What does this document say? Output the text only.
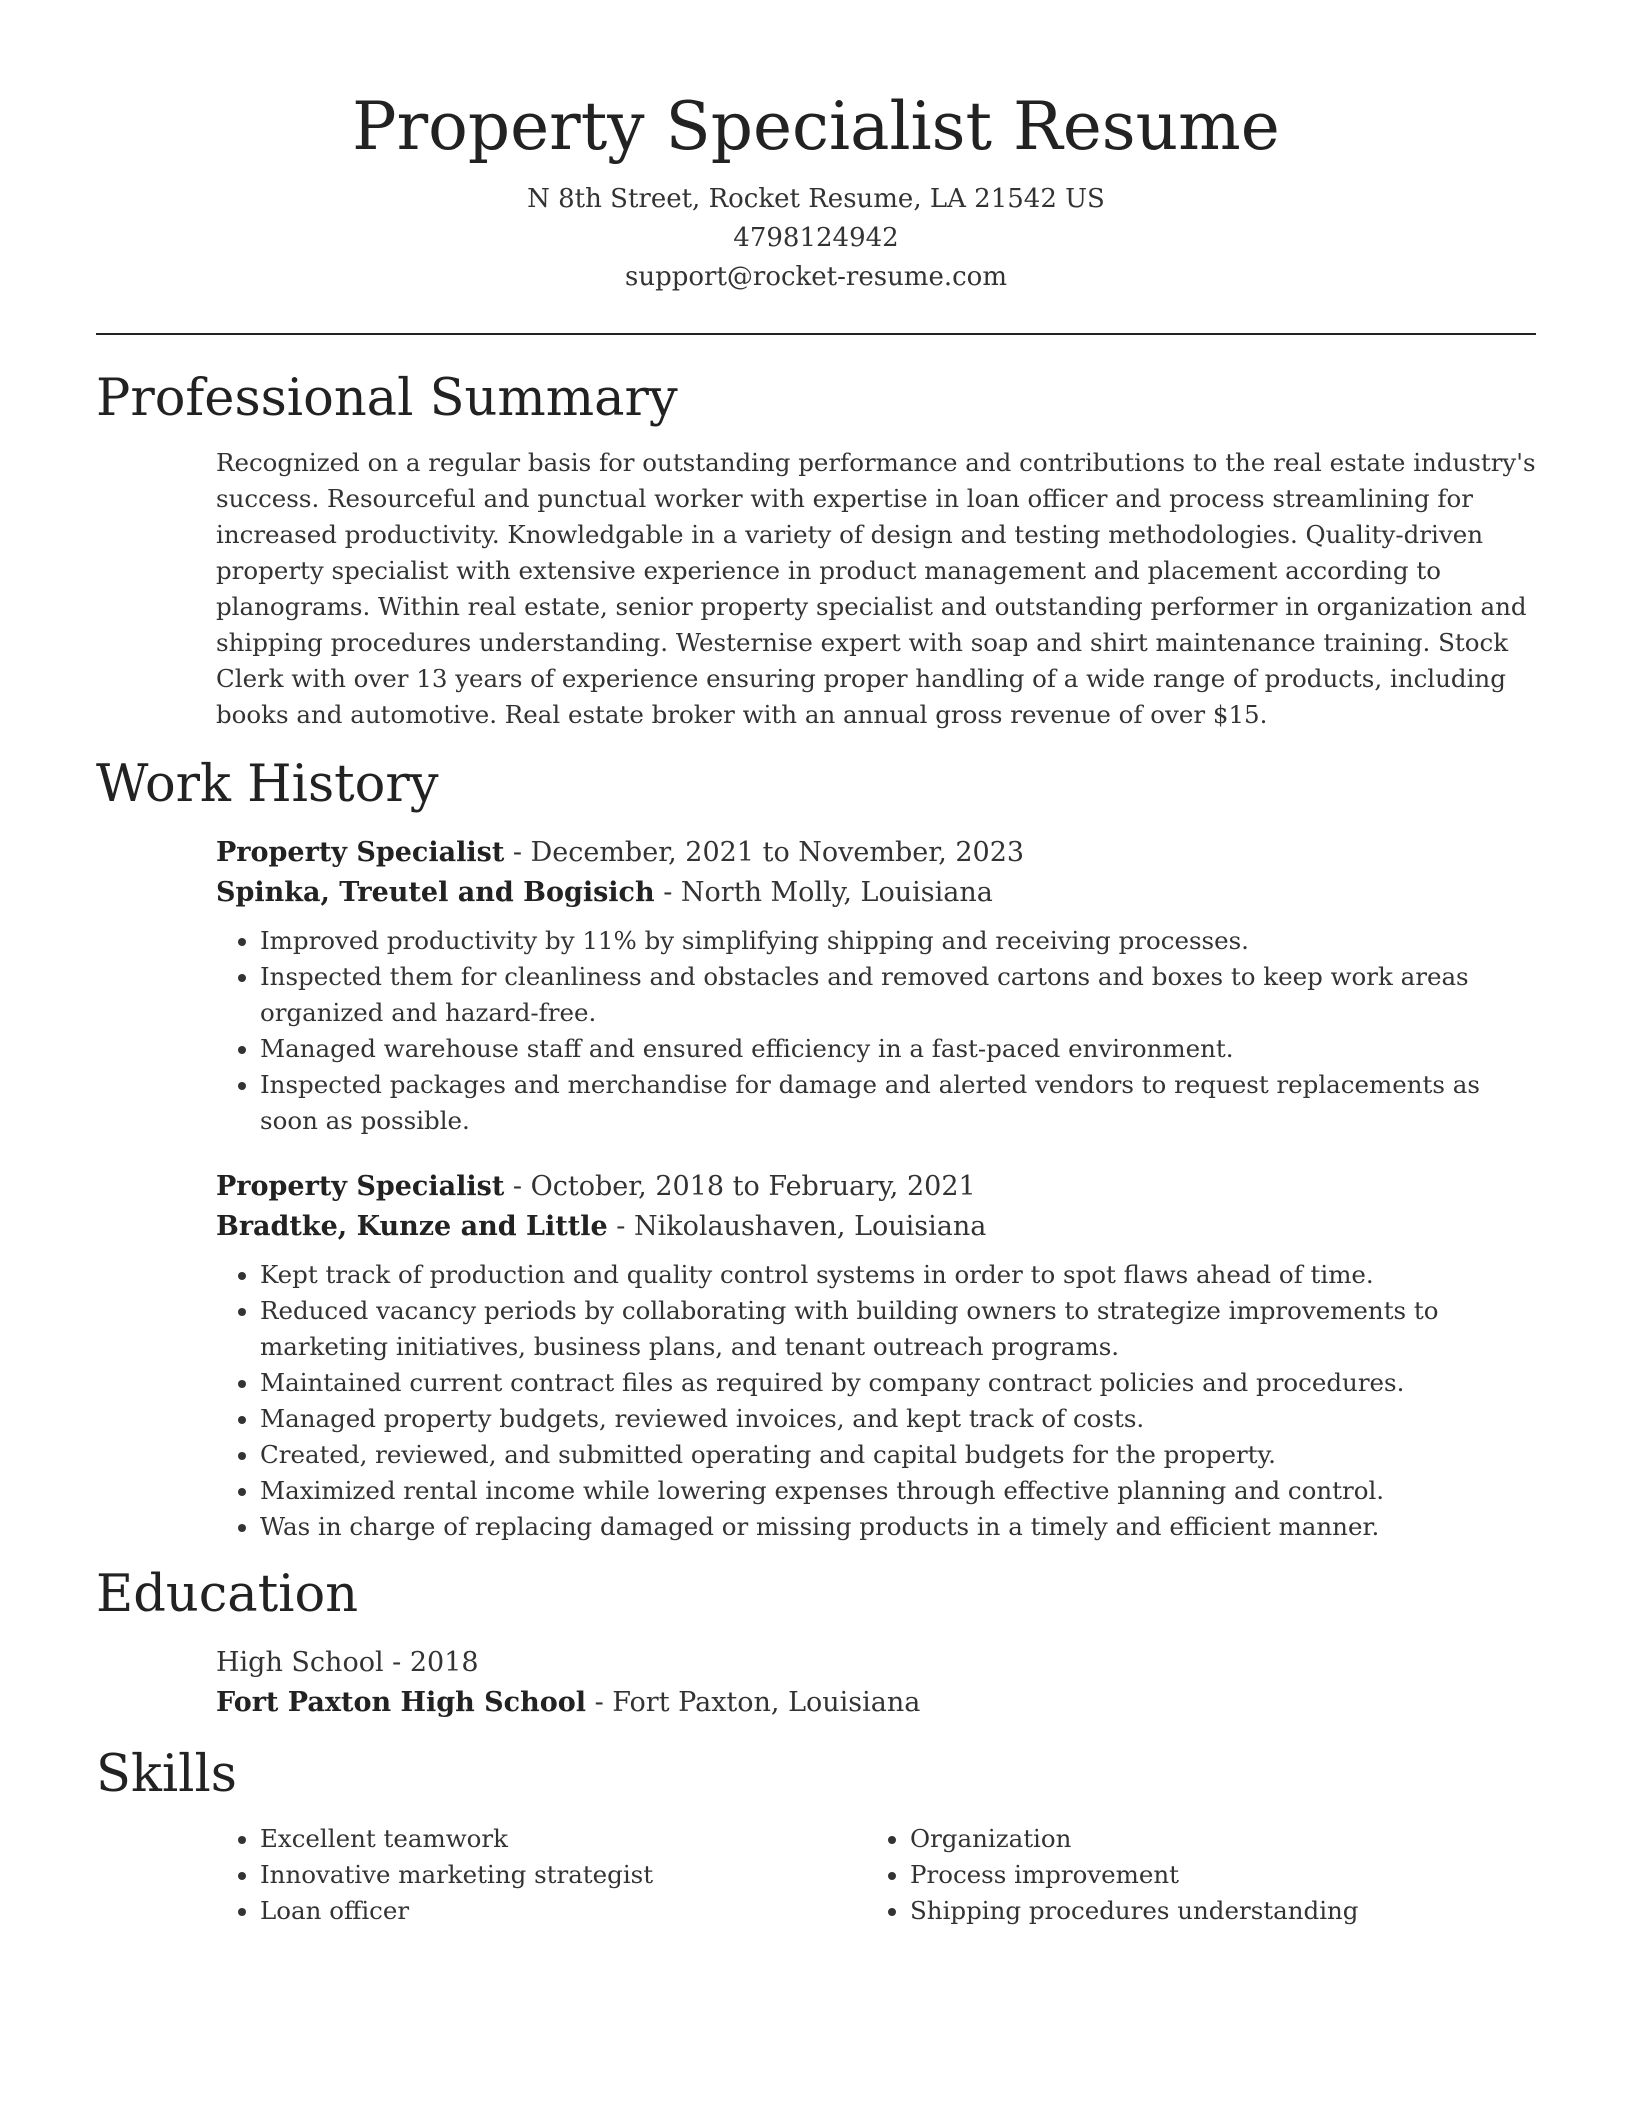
Property Specialist Resume
N 8th Street, Rocket Resume, LA 21542 US
4798124942
support@rocket-resume.com
Professional Summary
Recognized on a regular basis for outstanding performance and contributions to the real estate industry's success. Resourceful and punctual worker with expertise in loan officer and process streamlining for increased productivity. Knowledgable in a variety of design and testing methodologies. Quality-driven property specialist with extensive experience in product management and placement according to planograms. Within real estate, senior property specialist and outstanding performer in organization and shipping procedures understanding. Westernise expert with soap and shirt maintenance training. Stock Clerk with over 13 years of experience ensuring proper handling of a wide range of products, including books and automotive. Real estate broker with an annual gross revenue of over $15.
Work History
Property Specialist - December, 2021 to November, 2023
Spinka, Treutel and Bogisich - North Molly, Louisiana
• Improved productivity by 11% by simplifying shipping and receiving processes.
• Inspected them for cleanliness and obstacles and removed cartons and boxes to keep work areas organized and hazard-free.
• Managed warehouse staff and ensured efficiency in a fast-paced environment.
• Inspected packages and merchandise for damage and alerted vendors to request replacements as soon as possible.
Property Specialist - October, 2018 to February, 2021
Bradtke, Kunze and Little - Nikolaushaven, Louisiana
• Kept track of production and quality control systems in order to spot flaws ahead of time.
• Reduced vacancy periods by collaborating with building owners to strategize improvements to marketing initiatives, business plans, and tenant outreach programs.
• Maintained current contract files as required by company contract policies and procedures.
• Managed property budgets, reviewed invoices, and kept track of costs.
• Created, reviewed, and submitted operating and capital budgets for the property.
• Maximized rental income while lowering expenses through effective planning and control.
• Was in charge of replacing damaged or missing products in a timely and efficient manner.
Education
High School - 2018
Fort Paxton High School - Fort Paxton, Louisiana
Skills
• Excellent teamwork
• Innovative marketing strategist
• Loan officer
• Organization
• Process improvement
• Shipping procedures understanding
